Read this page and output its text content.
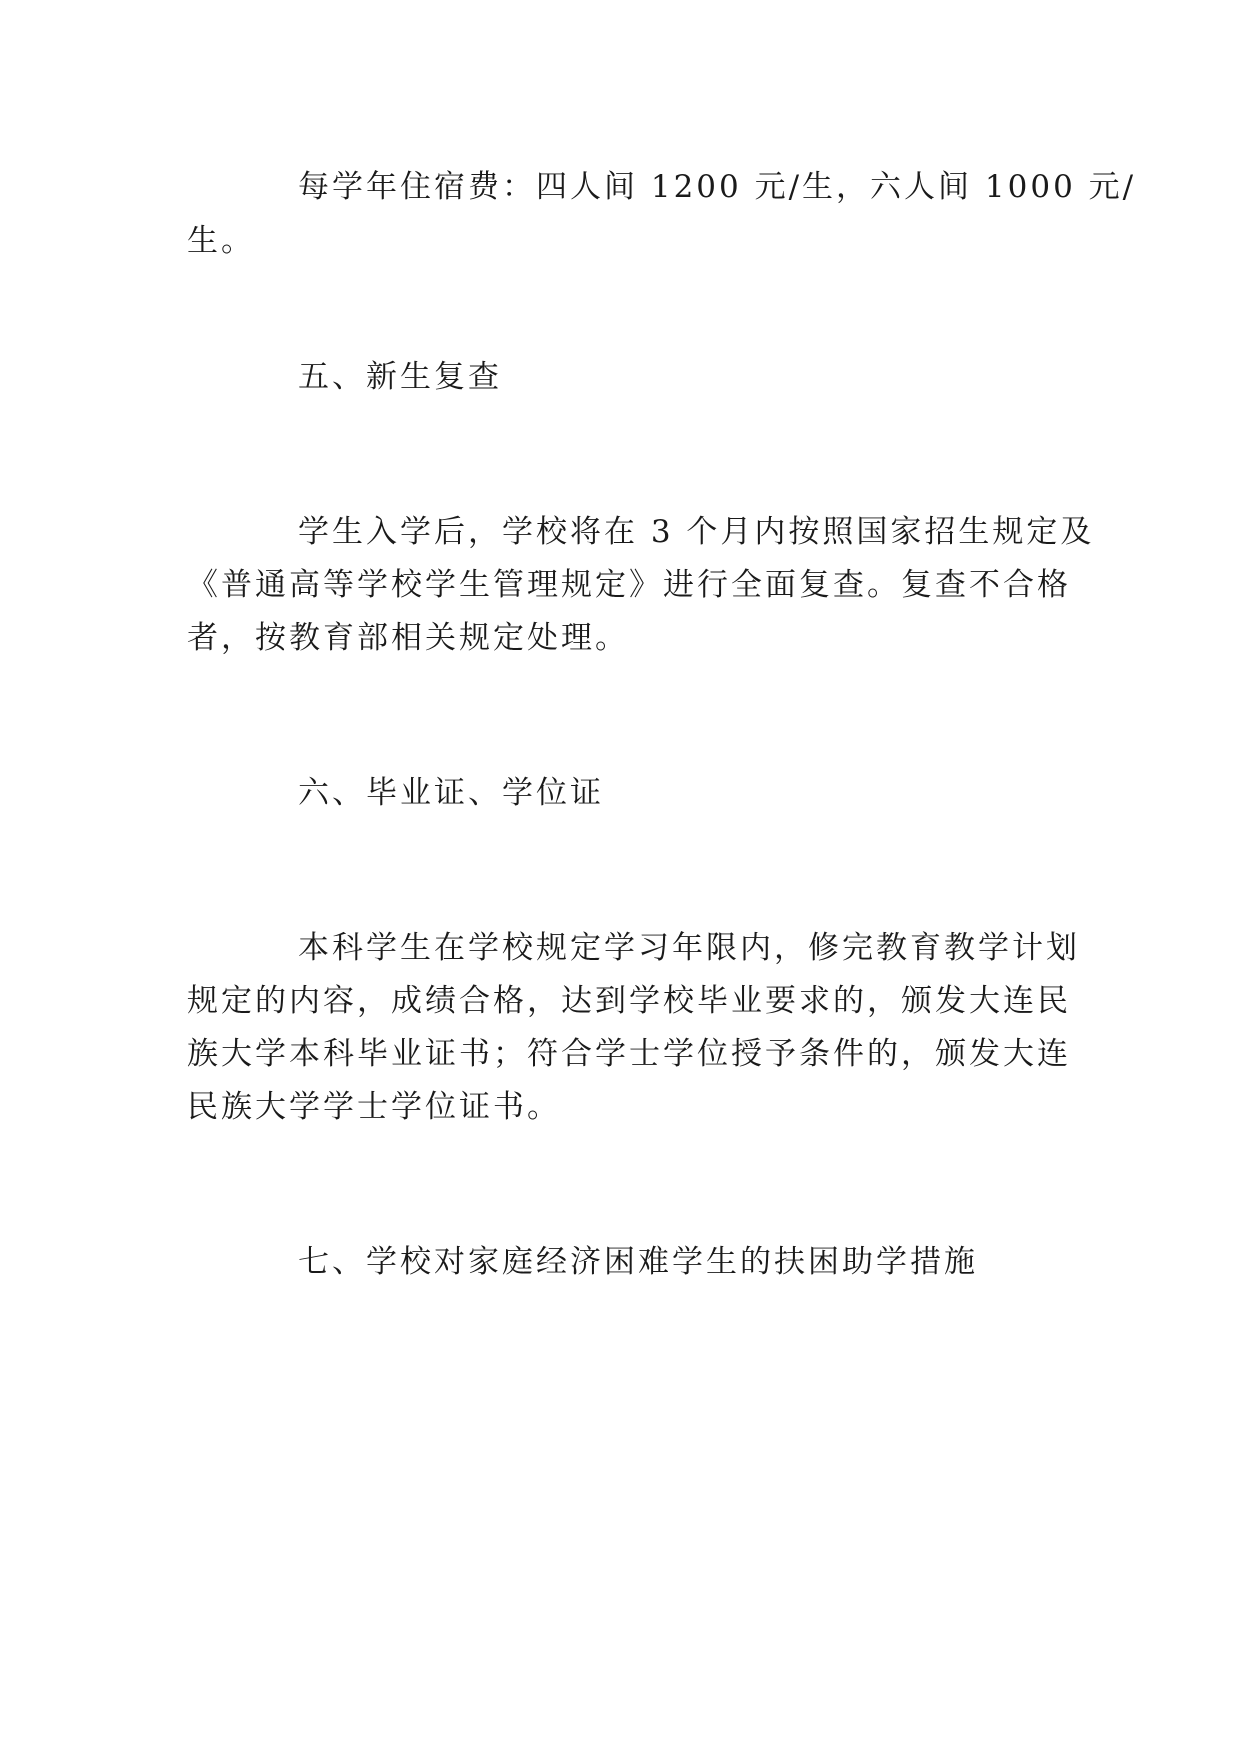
每学年住宿费：四人间 1200 元/生，六人间 1000 元/
生。
五、新生复查
学生入学后，学校将在 3 个月内按照国家招生规定及
《普通高等学校学生管理规定》进行全面复查。复查不合格
者，按教育部相关规定处理。
六、毕业证、学位证
本科学生在学校规定学习年限内，修完教育教学计划
规定的内容，成绩合格，达到学校毕业要求的，颁发大连民
族大学本科毕业证书；符合学士学位授予条件的，颁发大连
民族大学学士学位证书。
七、学校对家庭经济困难学生的扶困助学措施
